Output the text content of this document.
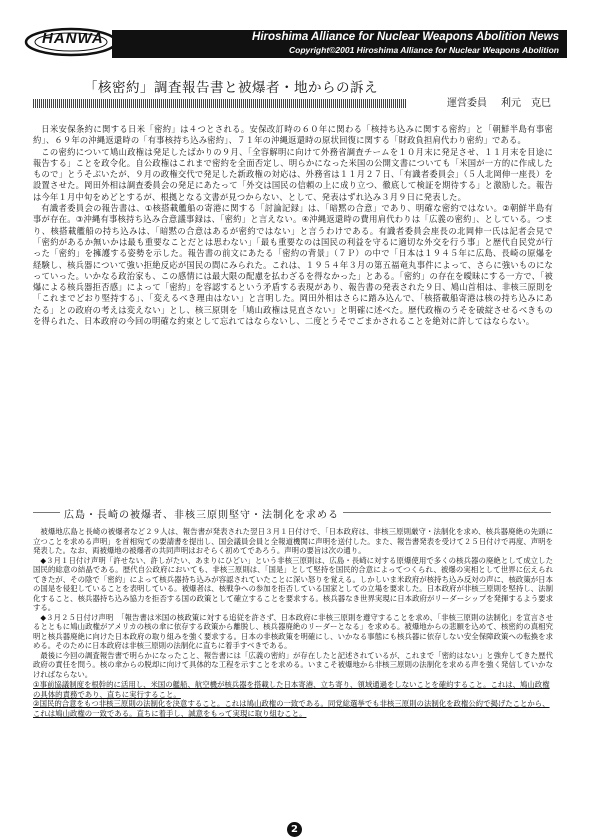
HANWA	Hiroshima Alliance for Nuclear Weapons Abolition News
Copyright©2001 Hiroshima Alliance for Nuclear Weapons Abolition
「核密約」調査報告書と被爆者・地からの訴え
運営委員 利元　克巳

日米安保条約に関する日米「密約」は４つとされる。安保改訂時の６０年に関わる「核持ち込みに関する密約」と「朝鮮半島有事密約」、６９年の沖縄返還時の「有事核持ち込み密約」、７１年の沖縄返還時の原状回復に関する「財政負担肩代わり密約」である。

この密約について鳩山政権は発足したばかりの９月、「全容解明に向けて外務省調査チームを１０月末に発足させ、１１月末を目途に報告する」ことを政令化。自公政権はこれまで密約を全面否定し、明らかになった米国の公開文書についても「米国が一方的に作成したもので」とうそぶいたが、９月の政権交代で発足した新政権の対応は、外務省は１１月２７日、「有識者委員会」（５人北岡伸一座長）を設置させた。岡田外相は調査委員会の発足にあたって「外交は国民の信頼の上に成り立つ、徹底して検証を期待する」と激励した。報告は今年１月中旬をめどとするが、根拠となる文書が見つからない、として、発表はずれ込み３月９日に発表した。

有識者委員会の報告書は、①核搭載艦船の寄港に関する「討論記録」は、「暗黙の合意」であり、明確な密約ではない。②朝鮮半島有事が存在。③沖縄有事核持ち込み合意議事録は、「密約」と言えない。④沖縄返還時の費用肩代わりは「広義の密約」、としている。つまり、核搭載艦船の持ち込みは、「暗黙の合意はあるが密約ではない」と言うわけである。有識者委員会座長の北岡伸一氏は記者会見で「密約があるか無いかは最も重要なことだとは思わない」「最も重要なのは国民の利益を守るに適切な外交を行う事」と歴代自民党が行った「密約」を擁護する姿勢を示した。報告書の前文にあたる「密約の背景」（７Ｐ）の中で「日本は１９４５年に広島、長崎の原爆を経験し、核兵器について強い拒絶反応が国民の間にみられた。これは、１９５４年３月の第五福竜丸事件によって、さらに強いものになっていった。いかなる政治家も、この感情には最大限の配慮を払わざるを得なかった」とある。「密約」の存在を曖昧にする一方で、「被爆による核兵器拒否感」によって「密約」を容認するという矛盾する表現があり、報告書の発表された９日、鳩山首相は、非核三原則を「これまでどおり堅持する」、「変えるべき理由はない」と言明した。岡田外相はさらに踏み込んで、「核搭載船寄港は核の持ち込みにあたる」との政府の考えは変えない」とし、核三原則を「鳩山政権は見直さない」と明確に述べた。歴代政権のうそを破綻させるべきものを得られた、日本政府の今回の明確な約束として忘れてはならないし、二度とうそでごまかされることを絶対に許してはならない。

広島・長崎の被爆者、非核三原則堅守・法制化を求める

被爆地広島と長崎の被爆者など２９人は、報告書が発表された翌日３月１日付けで、「日本政府は、非核三原則厳守・法制化を求め、核兵器廃絶の先頭に立つことを求める声明」を首相宛ての要請書を提出し、国会議員会員と全報道機関に声明を送付した。また、報告書発表を受けて２５日付けで再度、声明を発表した。なお、両被爆地の被爆者の共同声明はおそらく初めてであろう。声明の要旨は次の通り。

◆３月１日付け声明「許せない、許しがたい、あまりにひどい」という非核三原則は、広島・長崎に対する原爆使用で多くの核兵器の廃絶として成立した国民的総意の結晶である。歴代自公政府においても、非核三原則は、「国是」として堅持を国民的合意によってつくられ、被爆の実相として世界に伝えられてきたが、その陰で「密約」によって核兵器持ち込みが容認されていたことに深い怒りを覚える。しかしいま米政府が核持ち込み反対の声に、核政策が日本の国是を侵犯していることを表明している。被爆者は、核戦争への参加を拒否している国家としての立場を要求した。日本政府が非核三原則を堅持し、法制化すること、核兵器持ち込み協力を拒否する国の政策として確立することを要求する。核兵器なき世界実現に日本政府がリーダーシップを発揮するよう要求する。

◆３月２５日付け声明　「報告書は米国の核政策に対する追従を許さず、日本政府に非核三原則を遵守することを求め、「非核三原則の法制化」を宣言させるとともに鳩山政権がアメリカの核の傘に依存する政策から離脱し、核兵器廃絶のリーダーとなる」を求める。被爆地からの悲願を込めて、核密約の真相究明と核兵器廃絶に向けた日本政府の取り組みを強く要求する。日本の非核政策を明確にし、いかなる事態にも核兵器に依存しない安全保障政策への転換を求める。そのために日本政府は非核三原則の法制化に直ちに着手すべきである。

最後に今回の調査報告書で明らかになったこと、報告書には「広義の密約」が存在したと記述されているが、これまで「密約はない」と強弁してきた歴代政府の責任を問う。核の傘からの脱却に向けて具体的な工程を示すことを求める。いまこそ被爆地から非核三原則の法制化を求める声を強く発信していかなければならない。

①事前協議制度を根幹的に活用し、米国の艦船、航空機が核兵器を搭載した日本寄港、立ち寄り、領域通過をしないことを確約すること。これは、鳩山政権の具体的責務であり、直ちに実行すること。
②国民的合意をもつ非核三原則の法制化を決意すること。これは鳩山政権の一致である。同党総選挙でも非核三原則の法制化を政権公約で掲げたことから、これは鳩山政権の一致である。直ちに着手し、誠意をもって実現に取り組むこと。
2
